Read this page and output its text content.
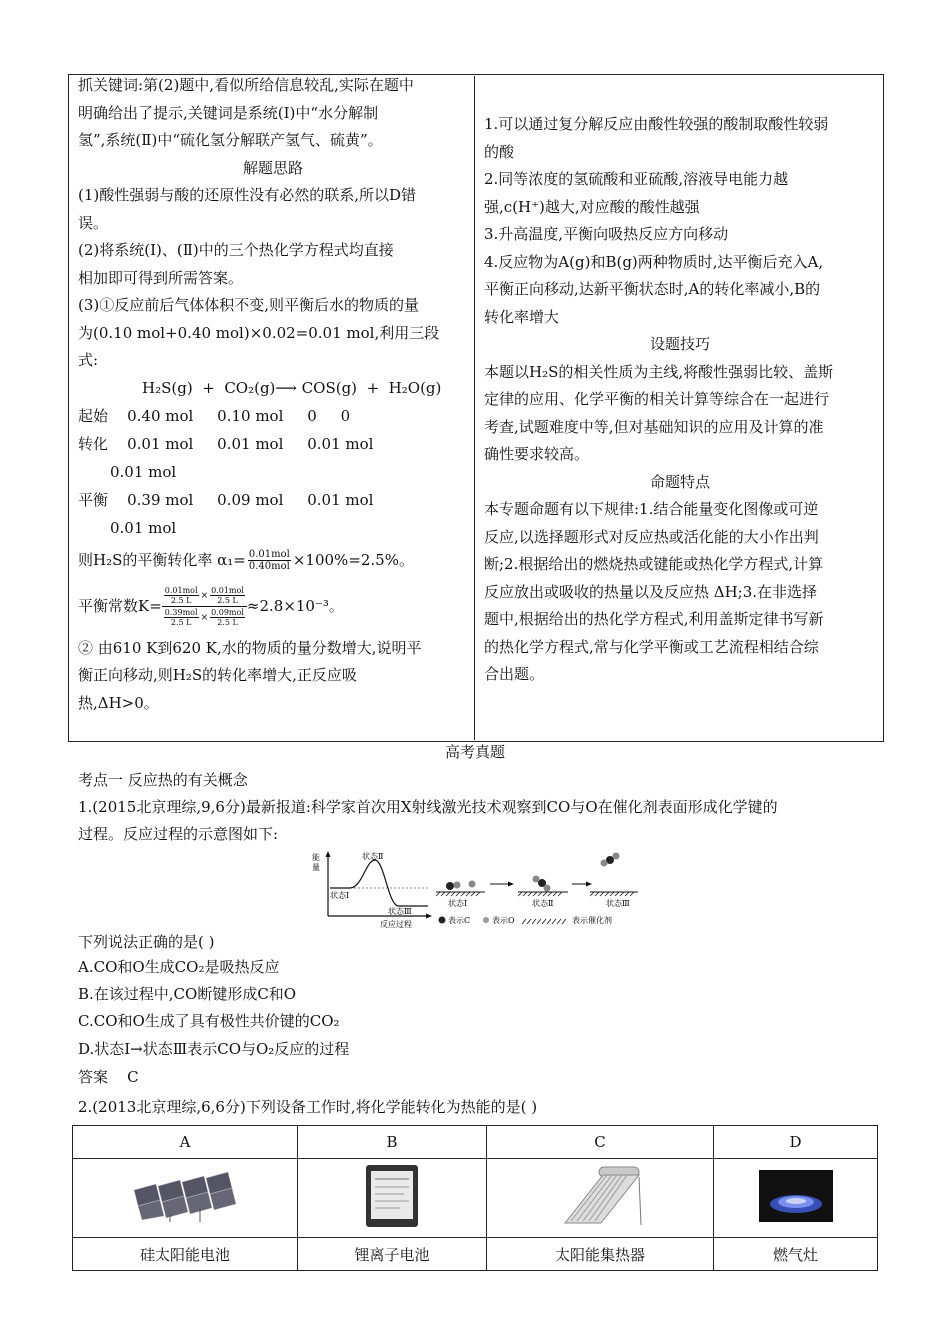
抓关键词:第(2)题中,看似所给信息较乱,实际在题中
明确给出了提示,关键词是系统(Ⅰ)中“水分解制
氢”,系统(Ⅱ)中“硫化氢分解联产氢气、硫黄”。
解题思路
(1)酸性强弱与酸的还原性没有必然的联系,所以D错
误。
(2)将系统(Ⅰ)、(Ⅱ)中的三个热化学方程式均直接
相加即可得到所需答案。
(3)①反应前后气体体积不变,则平衡后水的物质的量
为(0.10 mol+0.40 mol)×0.02=0.01 mol,利用三段
式:
H₂S(g)  +  CO₂(g)⟶ COS(g)  +  H₂O(g)
起始 0.40 mol     0.10 mol     0     0
转化 0.01 mol     0.01 mol     0.01 mol
0.01 mol
平衡 0.39 mol     0.09 mol     0.01 mol
0.01 mol
则H₂S的平衡转化率 $\alpha_1= \frac{\text{0.01mol}}{\text{0.40mol}} \times 100\%=2.5\%$。
平衡常数K=
$\frac{\text{0.01mol}}{2.5 L} \times \frac{\text{0.01mol}}{2.5 L}$
$\frac{\text{0.39mol}}{2.5 L} \times \frac{\text{0.09mol}}{2.5 L}$
≈2.8×10⁻³。
② 由610 K到620 K,水的物质的量分数增大,说明平
衡正向移动,则H₂S的转化率增大,正反应吸
热,ΔH>0。
1.可以通过复分解反应由酸性较强的酸制取酸性较弱
的酸
2.同等浓度的氢硫酸和亚硫酸,溶液导电能力越
强,c(H⁺)越大,对应酸的酸性越强
3.升高温度,平衡向吸热反应方向移动
4.反应物为A(g)和B(g)两种物质时,达平衡后充入A,
平衡正向移动,达新平衡状态时,A的转化率减小,B的
转化率增大
设题技巧
本题以H₂S的相关性质为主线,将酸性强弱比较、盖斯
定律的应用、化学平衡的相关计算等综合在一起进行
考查,试题难度中等,但对基础知识的应用及计算的准
确性要求较高。
命题特点
本专题命题有以下规律:1.结合能量变化图像或可逆
反应,以选择题形式对反应热或活化能的大小作出判
断;2.根据给出的燃烧热或键能或热化学方程式,计算
反应放出或吸收的热量以及反应热 ΔH;3.在非选择
题中,根据给出的热化学方程式,利用盖斯定律书写新
的热化学方程式,常与化学平衡或工艺流程相结合综
合出题。
高考真题
考点一 反应热的有关概念
1.(2015北京理综,9,6分)最新报道:科学家首次用X射线激光技术观察到CO与O在催化剂表面形成化学键的
过程。反应过程的示意图如下:
能
量
状态Ⅱ
状态Ⅰ
状态Ⅲ
反应过程
状态Ⅰ	状态Ⅱ	状态Ⅲ
表示C	表示O	表示催化剂
下列说法正确的是( )
A.CO和O生成CO₂是吸热反应
B.在该过程中,CO断键形成C和O
C.CO和O生成了具有极性共价键的CO₂
D.状态Ⅰ→状态Ⅲ表示CO与O₂反应的过程
答案    C
2.(2013北京理综,6,6分)下列设备工作时,将化学能转化为热能的是( )
A	B	C	D

硅太阳能电池	锂离子电池	太阳能集热器	燃气灶
